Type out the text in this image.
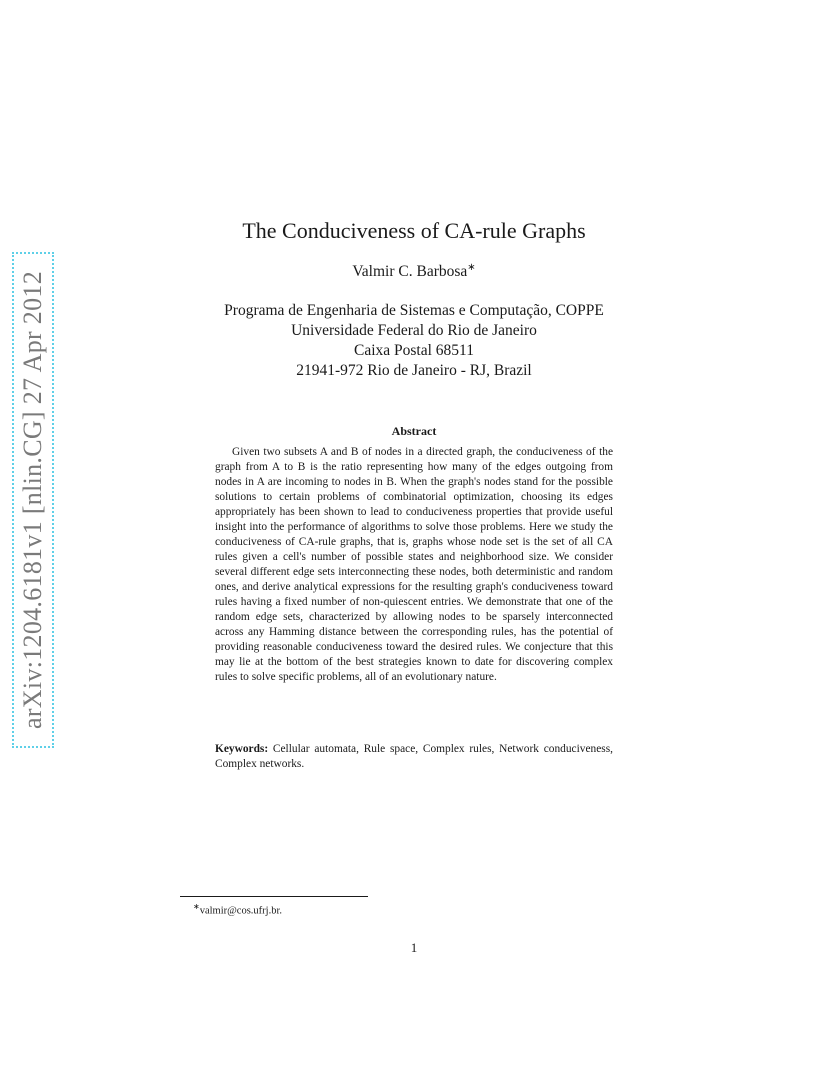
arXiv:1204.6181v1 [nlin.CG] 27 Apr 2012
The Conduciveness of CA-rule Graphs
Valmir C. Barbosa∗
Programa de Engenharia de Sistemas e Computação, COPPE
Universidade Federal do Rio de Janeiro
Caixa Postal 68511
21941-972 Rio de Janeiro - RJ, Brazil
Abstract
Given two subsets A and B of nodes in a directed graph, the conduciveness of the graph from A to B is the ratio representing how many of the edges outgoing from nodes in A are incoming to nodes in B. When the graph's nodes stand for the possible solutions to certain problems of combinatorial optimization, choosing its edges appropriately has been shown to lead to conduciveness properties that provide useful insight into the performance of algorithms to solve those problems. Here we study the conduciveness of CA-rule graphs, that is, graphs whose node set is the set of all CA rules given a cell's number of possible states and neighborhood size. We consider several different edge sets interconnecting these nodes, both deterministic and random ones, and derive analytical expressions for the resulting graph's conduciveness toward rules having a fixed number of non-quiescent entries. We demonstrate that one of the random edge sets, characterized by allowing nodes to be sparsely interconnected across any Hamming distance between the corresponding rules, has the potential of providing reasonable conduciveness toward the desired rules. We conjecture that this may lie at the bottom of the best strategies known to date for discovering complex rules to solve specific problems, all of an evolutionary nature.
Keywords: Cellular automata, Rule space, Complex rules, Network conduciveness, Complex networks.
∗valmir@cos.ufrj.br.
1
